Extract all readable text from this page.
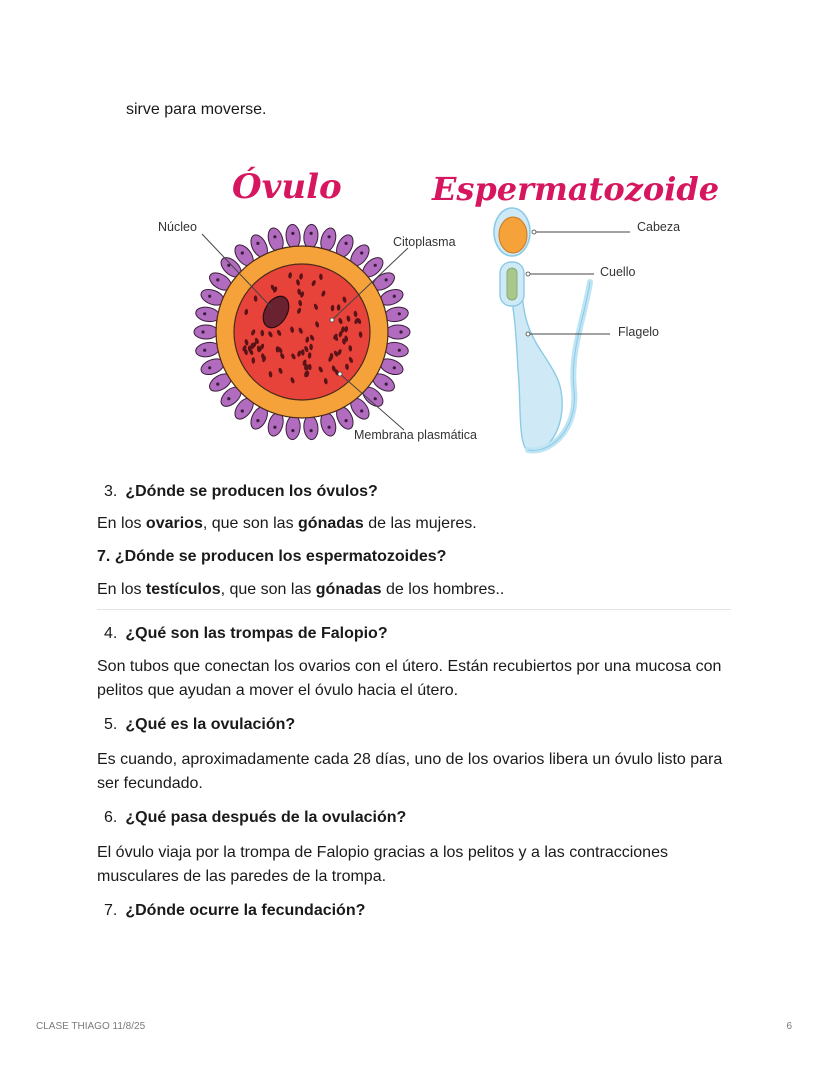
sirve para moverse.
Óvulo	Espermatozoide
Núcleo
Citoplasma
Membrana plasmática
Cabeza
Cuello
Flagelo
3. ¿Dónde se producen los óvulos?
En los ovarios, que son las gónadas de las mujeres.
7. ¿Dónde se producen los espermatozoides?
En los testículos, que son las gónadas de los hombres..
4. ¿Qué son las trompas de Falopio?
Son tubos que conectan los ovarios con el útero. Están recubiertos por una mucosa con pelitos que ayudan a mover el óvulo hacia el útero.
5. ¿Qué es la ovulación?
Es cuando, aproximadamente cada 28 días, uno de los ovarios libera un óvulo listo para ser fecundado.
6. ¿Qué pasa después de la ovulación?
El óvulo viaja por la trompa de Falopio gracias a los pelitos y a las contracciones musculares de las paredes de la trompa.
7. ¿Dónde ocurre la fecundación?
CLASE THIAGO 11/8/25	6
